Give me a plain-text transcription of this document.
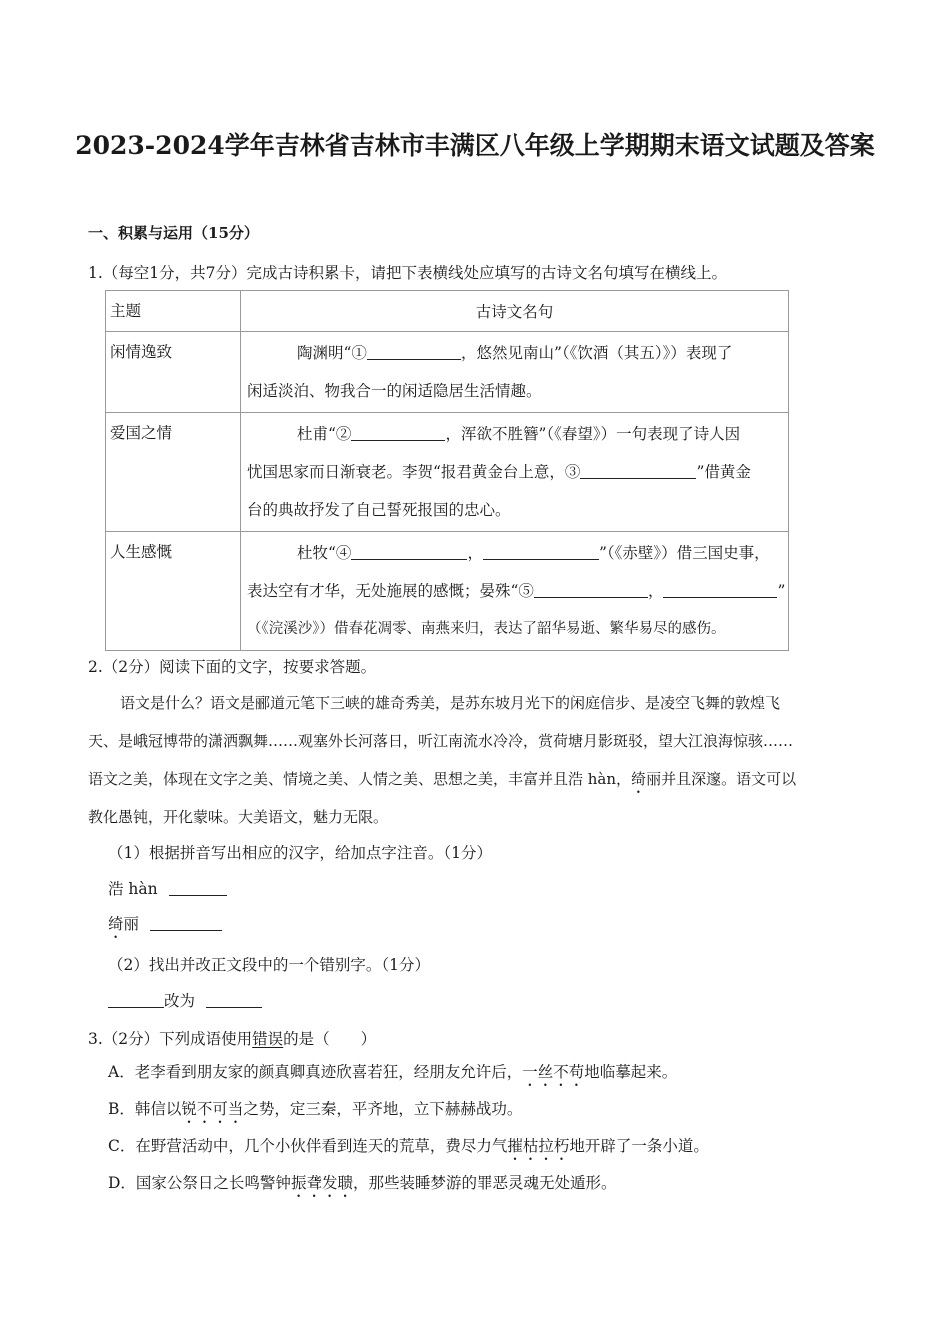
2023-2024学年吉林省吉林市丰满区八年级上学期期末语文试题及答案
一、积累与运用（15分）
1.（每空1分，共7分）完成古诗积累卡，请把下表横线处应填写的古诗文名句填写在横线上。
主题	古诗文名句
闲情逸致	陶渊明“① ，悠然见南山”（《饮酒（其五）》）表现了
闲适淡泊、物我合一的闲适隐居生活情趣。

爱国之情	杜甫“② ，浑欲不胜簪”（《春望》）一句表现了诗人因
忧国思家而日渐衰老。李贺“报君黄金台上意，③ ”借黄金
台的典故抒发了自己誓死报国的忠心。

人生感慨	杜牧“④ ， ”（《赤壁》）借三国史事，
表达空有才华，无处施展的感慨；晏殊“⑤ ， ”
（《浣溪沙》）借春花凋零、南燕来归，表达了韶华易逝、繁华易尽的感伤。
2.（2分）阅读下面的文字，按要求答题。
语文是什么？语文是郦道元笔下三峡的雄奇秀美，是苏东坡月光下的闲庭信步、是凌空飞舞的敦煌飞
天、是峨冠博带的潇洒飘舞……观塞外长河落日，听江南流水冷冷，赏荷塘月影斑驳，望大江浪海惊骇……
语文之美，体现在文字之美、情境之美、人情之美、思想之美，丰富并且浩 hàn，绮丽并且深邃。语文可以
教化愚钝，开化蒙味。大美语文，魅力无限。
（1）根据拼音写出相应的汉字，给加点字注音。（1分）
浩 hàn
绮丽
（2）找出并改正文段中的一个错别字。（1分）
改为
3.（2分）下列成语使用错误的是（　　）
A．老李看到朋友家的颜真卿真迹欣喜若狂，经朋友允许后，一丝不苟地临摹起来。
B．韩信以锐不可当之势，定三秦，平齐地，立下赫赫战功。
C．在野营活动中，几个小伙伴看到连天的荒草，费尽力气摧枯拉朽地开辟了一条小道。
D．国家公祭日之长鸣警钟振聋发聩，那些装睡梦游的罪恶灵魂无处遁形。
